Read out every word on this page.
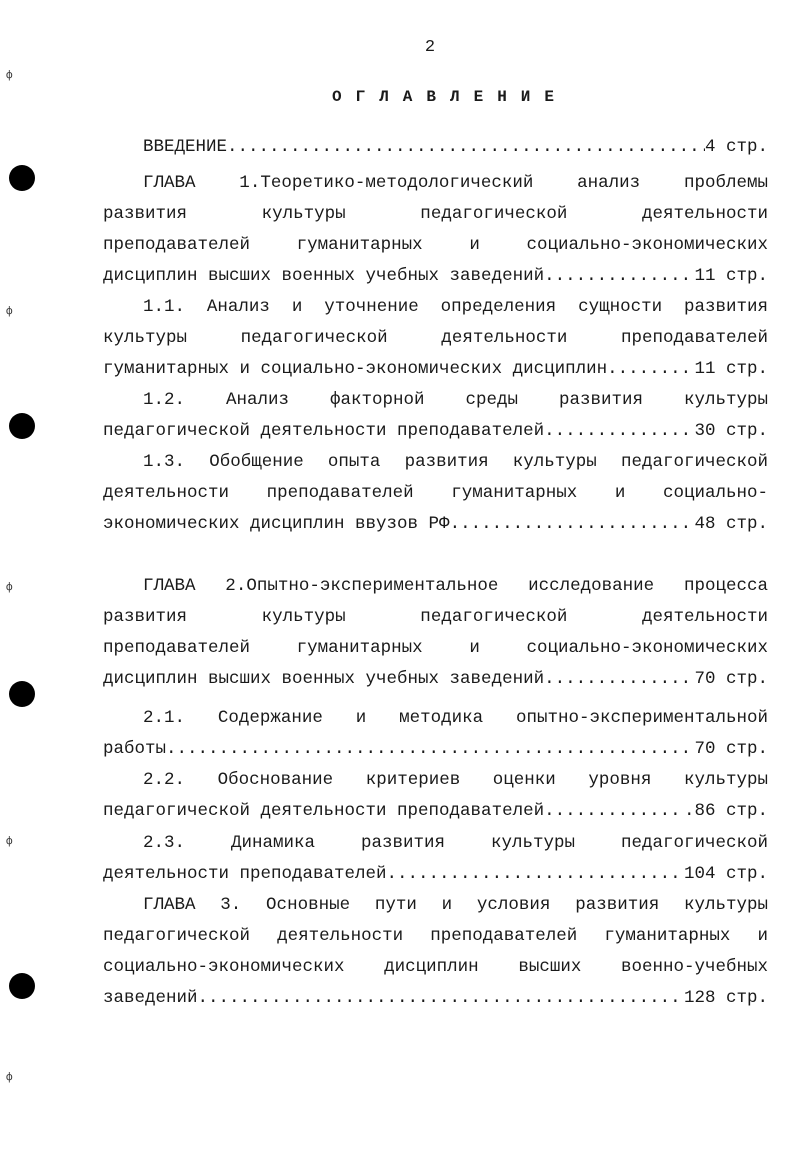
ф
ф
ф
ф
ф
2
ОГЛАВЛЕНИЕ
ВВЕДЕНИЕ .....	4 стр.
ГЛАВА 1.Теоретико-методологический анализ проблемы
развития культуры педагогической деятельности
преподавателей гуманитарных и социально-экономических
дисциплин высших военных учебных заведений .....	11 стр.
1.1. Анализ и уточнение определения сущности развития
культуры педагогической деятельности преподавателей
гуманитарных и социально-экономических дисциплин .....	11 стр.
1.2. Анализ факторной среды развития культуры
педагогической деятельности преподавателей .....	30 стр.
1.3. Обобщение опыта развития культуры педагогической
деятельности преподавателей гуманитарных и социально-
экономических дисциплин ввузов РФ .....	48 стр.
ГЛАВА 2.Опытно-экспериментальное исследование процесса
развития культуры педагогической деятельности
преподавателей гуманитарных и социально-экономических
дисциплин высших военных учебных заведений .....	70 стр.
2.1. Содержание и методика опытно-экспериментальной
работы .....	70 стр.
2.2. Обоснование критериев оценки уровня культуры
педагогической деятельности преподавателей .....	.86 стр.
2.3. Динамика развития культуры педагогической
деятельности преподавателей .....	104 стр.
ГЛАВА 3. Основные пути и условия развития культуры
педагогической деятельности преподавателей гуманитарных и
социально-экономических дисциплин высших военно-учебных
заведений .....	128 стр.
